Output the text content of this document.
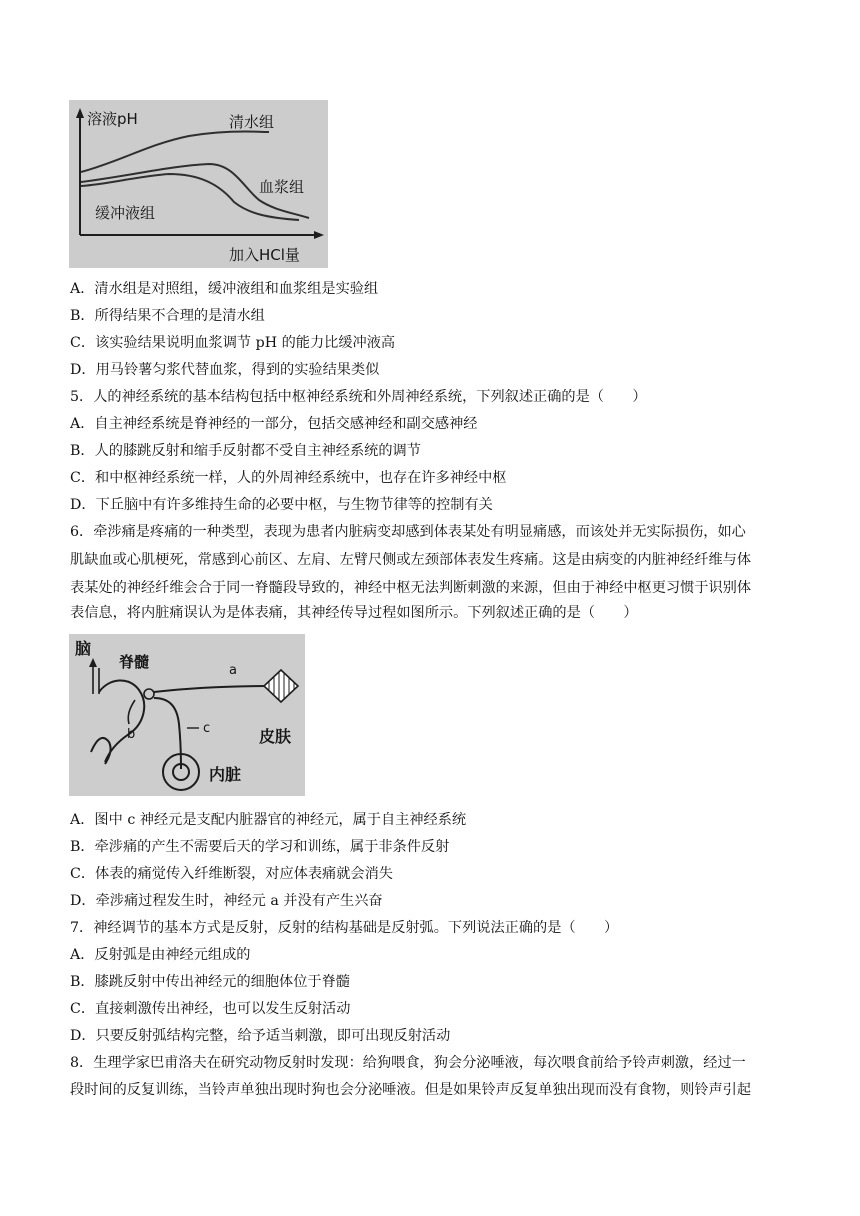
溶液pH	清水组
血浆组
缓冲液组
加入HCl量
A．清水组是对照组，缓冲液组和血浆组是实验组
B．所得结果不合理的是清水组
C．该实验结果说明血浆调节 pH 的能力比缓冲液高
D．用马铃薯匀浆代替血浆，得到的实验结果类似
5．人的神经系统的基本结构包括中枢神经系统和外周神经系统，下列叙述正确的是（　　）
A．自主神经系统是脊神经的一部分，包括交感神经和副交感神经
B．人的膝跳反射和缩手反射都不受自主神经系统的调节
C．和中枢神经系统一样，人的外周神经系统中，也存在许多神经中枢
D．下丘脑中有许多维持生命的必要中枢，与生物节律等的控制有关
6．牵涉痛是疼痛的一种类型，表现为患者内脏病变却感到体表某处有明显痛感，而该处并无实际损伤，如心
肌缺血或心肌梗死，常感到心前区、左肩、左臂尺侧或左颈部体表发生疼痛。这是由病变的内脏神经纤维与体
表某处的神经纤维会合于同一脊髓段导致的，神经中枢无法判断刺激的来源，但由于神经中枢更习惯于识别体
表信息，将内脏痛误认为是体表痛，其神经传导过程如图所示。下列叙述正确的是（　　）
脑
脊髓	a
皮肤
b	c
内脏
A．图中 c 神经元是支配内脏器官的神经元，属于自主神经系统
B．牵涉痛的产生不需要后天的学习和训练，属于非条件反射
C．体表的痛觉传入纤维断裂，对应体表痛就会消失
D．牵涉痛过程发生时，神经元 a 并没有产生兴奋
7．神经调节的基本方式是反射，反射的结构基础是反射弧。下列说法正确的是（　　）
A．反射弧是由神经元组成的
B．膝跳反射中传出神经元的细胞体位于脊髓
C．直接刺激传出神经，也可以发生反射活动
D．只要反射弧结构完整，给予适当刺激，即可出现反射活动
8．生理学家巴甫洛夫在研究动物反射时发现：给狗喂食，狗会分泌唾液，每次喂食前给予铃声刺激，经过一
段时间的反复训练，当铃声单独出现时狗也会分泌唾液。但是如果铃声反复单独出现而没有食物，则铃声引起
